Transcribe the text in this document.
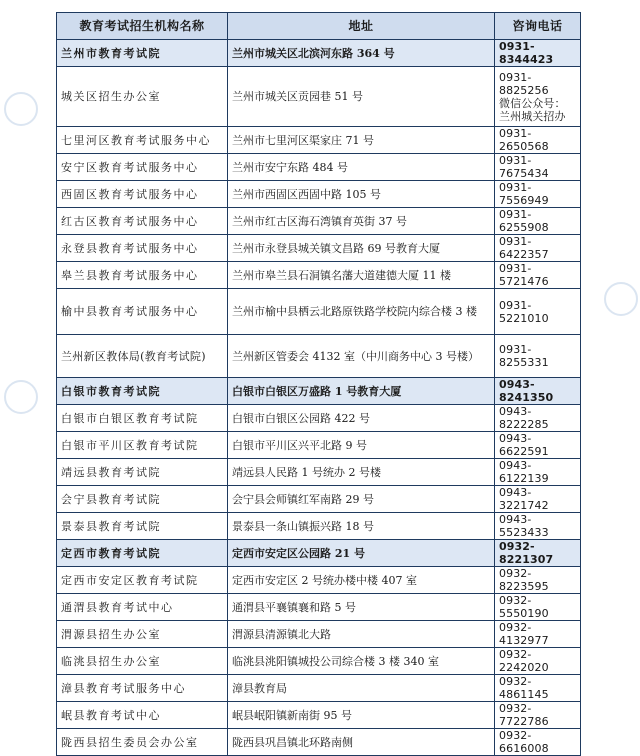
教育考试招生机构名称	地址	咨询电话
兰州市教育考试院	兰州市城关区北滨河东路 364 号	0931-8344423
城关区招生办公室	兰州市城关区贡园巷 51 号	0931-8825256
微信公众号：
兰州城关招办

七里河区教育考试服务中心	兰州市七里河区渠家庄 71 号	0931-2650568
安宁区教育考试服务中心	兰州市安宁东路 484 号	0931-7675434
西固区教育考试服务中心	兰州市西固区西固中路 105 号	0931-7556949
红古区教育考试服务中心	兰州市红古区海石湾镇育英街 37 号	0931-6255908
永登县教育考试服务中心	兰州市永登县城关镇文昌路 69 号教育大厦	0931-6422357
皋兰县教育考试服务中心	兰州市皋兰县石洞镇名藩大道建德大厦 11 楼	0931-5721476
榆中县教育考试服务中心	兰州市榆中县栖云北路原铁路学校院内综合楼 3 楼	0931-5221010
兰州新区教体局(教育考试院)	兰州新区管委会 4132 室（中川商务中心 3 号楼）	0931-8255331
白银市教育考试院	白银市白银区万盛路 1 号教育大厦	0943-8241350
白银市白银区教育考试院	白银市白银区公园路 422 号	0943-8222285
白银市平川区教育考试院	白银市平川区兴平北路 9 号	0943-6622591
靖远县教育考试院	靖远县人民路 1 号统办 2 号楼	0943-6122139
会宁县教育考试院	会宁县会师镇红军南路 29 号	0943-3221742
景泰县教育考试院	景泰县一条山镇振兴路 18 号	0943-5523433
定西市教育考试院	定西市安定区公园路 21 号	0932-8221307
定西市安定区教育考试院	定西市安定区 2 号统办楼中楼 407 室	0932-8223595
通渭县教育考试中心	通渭县平襄镇襄和路 5 号	0932-5550190
渭源县招生办公室	渭源县清源镇北大路	0932-4132977
临洮县招生办公室	临洮县洮阳镇城投公司综合楼 3 楼 340 室	0932-2242020
漳县教育考试服务中心	漳县教育局	0932-4861145
岷县教育考试中心	岷县岷阳镇新南街 95 号	0932-7722786
陇西县招生委员会办公室	陇西县巩昌镇北环路南侧	0932-6616008
